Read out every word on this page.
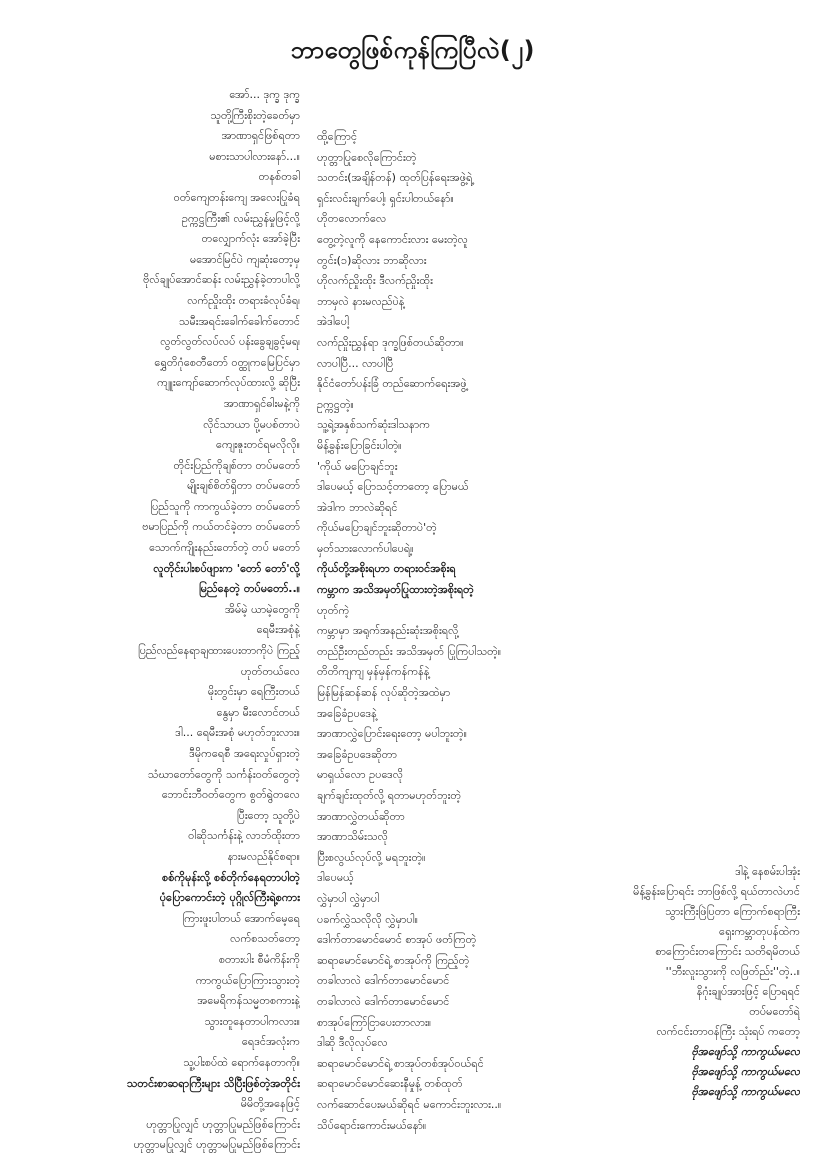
ဘာတွေဖြစ်ကုန်ကြပြီလဲ(၂)
အော်... ဒုက္ခ ဒုက္ခ
သူတို့ကြီးစိုးတဲ့ခေတ်မှာ
အာဏာရှင်ဖြစ်ရတာ
မစားသာပါလားနော်...။
တနစ်တခါ
ဝတ်ကျေတန်းကျေ အလေးပြုခံရ
ဥက္ကဋ္ဌကြီး၏ လမ်းညွှန်မှုဖြင့်လို့
တလျှောက်လုံး အော်ခဲ့ပြီး
မအောင်မြင်ပဲ ကျဆုံးတော့မှ
ဗိုလ်ချုပ်အောင်ဆန်း လမ်းညွှန်ခဲ့တာပါလို့
လက်ညှိုးထိုး တရားခံလုပ်ခံရ၊
သမီးအရင်းခေါက်ခေါက်တောင်
လွတ်လွတ်လပ်လပ် ပန်းခွေချခွင့်မရ၊
ရွှေတိဂုံစေတီတော် ဝတ္ထုကမြေပြင်မှာ
ကျူးကျော်ဆောက်လုပ်ထားလို့ ဆိုပြီး
အာဏာရှင်ဓါးမနဲ့ကို
လိုင်သာယာ ပို့မပစ်တာပဲ
ကျေးဇူးတင်ရမလိုလို။
တိုင်းပြည်ကိုချစ်တာ တပ်မတော်
မျိုးချစ်စိတ်ရှိတာ တပ်မတော်
ပြည်သူကို ကာကွယ်ခဲ့တာ တပ်မတော်
ဗမာပြည်ကို ကယ်တင်ခဲ့တာ တပ်မတော်
သောက်ကျိုးနည်းတော်တဲ့ တပ် မတော်
လူတိုင်းပါးစပ်ဖျားက 'တော် တော်'လို့
မြည်နေတဲ့ တပ်မတော်..။
အိမ်မဲ့ ယာမဲ့တွေကို
ရေမီးအစုံနဲ့
ပြည်လည်နေရာချထားပေးတာကိုပဲ ကြည့်
ဟုတ်တယ်လေ
မိုးတွင်းမှာ ရေကြီးတယ်
နွေမှာ မီးလောင်တယ်
ဒါ... ရေမီးအစုံ မဟုတ်ဘူးလား။
ဒီမိုကရေစီ အရေးလှုပ်ရှားတဲ့
သံဃာတော်တွေကို သင်္ကန်းဝတ်တွေတဲ့
ဘောင်းဘီဝတ်တွေက စွတ်ရွဲတလေ
ပြီးတော့ သူတို့ပဲ
ဝါဆိုသင်္ကန်းနဲ့ လာဘ်ထိုးတာ
နားမလည်နိုင်စရာ။
စစ်ကိုမုန်းလို့ စစ်တိုက်နေရတာပါတဲ့
ပုံပြောကောင်းတဲ့ ပုဂ္ဂိုလ်ကြီးရဲ့စကား
ကြားဖူးပါတယ် အောက်မေ့ရေ
လက်စသတ်တော့
စတားပါး စီမံကိန်းကို
ကာကွယ်ပြောကြားသွားတဲ့
အမေရိကန်သမ္မတစကားနဲ့
သွားတူနေတာပါကလား။
ရေဒင်အလုံးက
သူ့ပါးစပ်ထဲ ရောက်နေတာကို။
သတင်းစာဆရာကြီးများ သိပြီးဖြစ်တဲ့အတိုင်း
မိမိတို့အနေဖြင့်
ဟုတ္တာပြုလျှင် ဟုတ္တာပြုမည်ဖြစ်ကြောင်း
ဟုတ္တာမပြုလျှင် ဟုတ္တာမပြုမည်ဖြစ်ကြောင်း
ထို့ကြောင့်
ဟုတ္တာပြုစေလိုကြောင်းတဲ့
သတင်း(အချိန်တန်) ထုတ်ပြန်ရေးအဖွဲ့ရဲ့
ရှင်းလင်းချက်ပေါ့၊ ရှင်းပါတယ်နော်။
ဟိုတလောက်လေ
တွေ့တဲ့လူကို နေကောင်းလား မေးတဲ့လူ
တွင်း(၁)ဆိုလား ဘာဆိုလား
ဟိုလက်ညှိုးထိုး ဒီလက်ညှိုးထိုး
ဘာမှလဲ နားမလည်ပဲနဲ့
အဲဒါပေါ့
လက်ညှိုးညွှန်ရာ ဒုက္ခဖြစ်တယ်ဆိုတာ။
လာပါပြီ... လာပါပြီ
နိုင်ငံတော်ပန်းခြံ တည်ဆောက်ရေးအဖွဲ့
ဥက္ကဋ္ဌတဲ့။
သူ့ရဲ့အနှစ်သက်ဆုံးဒါသနာက
မိန့်ခွန်းပြောခြင်းပါတဲ့။
'ကိုယ် မပြောချင်ဘူး
ဒါပေမယ့် ပြောသင့်တာတော့ ပြောမယ်
အဲဒါက ဘာလဲဆိုရင်
ကိုယ်မပြောချင်ဘူးဆိုတာပဲ'တဲ့
မှတ်သားလောက်ပါပေရဲ့။
ကိုယ်တို့အစိုးရဟာ တရားဝင်အစိုးရ
ကမ္ဘာက အသိအမှတ်ပြုထားတဲ့အစိုးရတဲ့
ဟုတ်ကဲ့
ကမ္ဘာမှာ အရုက်အနည်းဆုံးအစိုးရလို့
တည်ဦးတည်တည်း အသိအမှတ် ပြုကြပါသတဲ့။
တိတိကျကျ မှန်မှန်ကန်ကန်နဲ့
မြန်မြန်ဆန်ဆန် လုပ်ဆိုတဲ့အထဲမှာ
အခြေခံဥပဒေနဲ့
အာဏာလွှဲပြောင်းရေးတော့ မပါဘူးတဲ့။
အခြေခံဥပဒေဆိုတာ
မာရှယ်လော ဥပဒေလို
ချက်ချင်းထုတ်လို့ ရတာမဟုတ်ဘူးတဲ့
အာဏာလွှဲတယ်ဆိုတာ
အာဏာသိမ်းသလို
ပြီးစလွယ်လုပ်လို့ မရဘူးတဲ့။
ဒါပေမယ့်
လွှဲမှာပါ လွှဲမှာပါ
ပခက်လွှဲသလိုလို လွှဲမှာပါ။
ဒေါက်တာမောင်မောင် စာအုပ် ဖတ်ကြတဲ့
ဆရာမောင်မောင်ရဲ့ စာအုပ်ကို ကြည့်တဲ့
တခါလာလဲ ဒေါက်တာမောင်မောင်
တခါလာလဲ ဒေါက်တာမောင်မောင်
စာအုပ်ကြော်ငြာပေးတာလား။
ဒါဆို ဒီလိုလုပ်လေ
ဆရာမောင်မောင်ရဲ့ စာအုပ်တစ်အုပ်ဝယ်ရင်
ဆရာမောင်မောင်ဆေးနီမှုန့် တစ်ထုတ်
လက်ဆောင်ပေးမယ်ဆိုရင် မကောင်းဘူးလား..။
သိပ်ရောင်းကောင်းမယ်နော်။
ဒါနဲ့ နေစမ်းပါအုံး
မိန့်ခွန်းပြောရင်း ဘာဖြစ်လို့ ရယ်တာလဲဟင်
သွားကြီးဖြဲပြတာ ကြောက်စရာကြီး
ရှေးကမ္ဘာတုပန်ထဲက
စာကြောင်းတကြောင်း သတိရမိတယ်
''ဘီးလူးသွားကို လဖြတ်ည်း''တဲ့..။
နိဂုံးချုပ်အားဖြင့် ပြောရရင်
တပ်မတော်ရဲ့
လက်ငင်းတာဝန်ကြီး သုံးရပ် ကတော့
ဗိုအဖျော်သို့ ကာကွယ်မလေ
ဗိုအဖျော်သို့ ကာကွယ်မလေ
ဗိုအဖျော်သို့ ကာကွယ်မလေ
